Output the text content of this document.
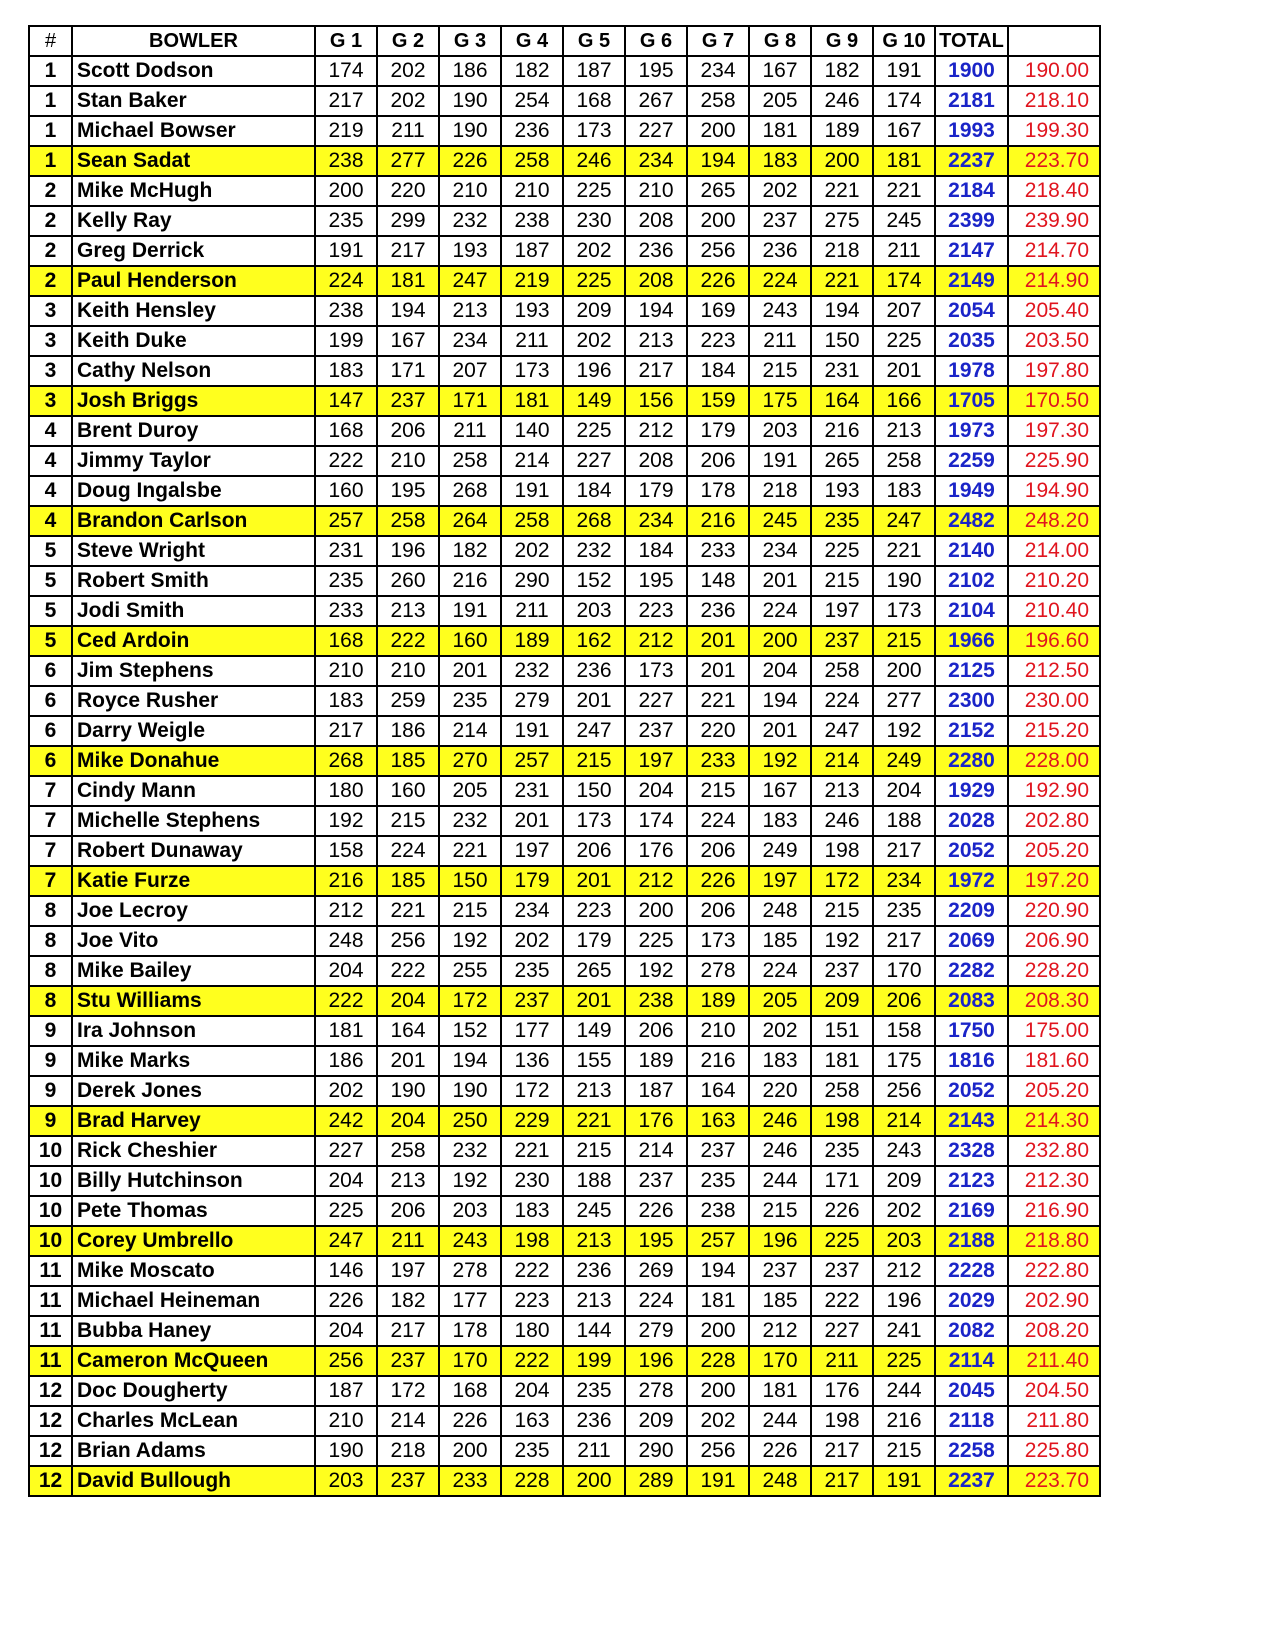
#	BOWLER	G 1	G 2	G 3	G 4	G 5	G 6	G 7	G 8	G 9	G 10	TOTAL	
1	Scott Dodson	174	202	186	182	187	195	234	167	182	191	1900	190.00
1	Stan Baker	217	202	190	254	168	267	258	205	246	174	2181	218.10
1	Michael Bowser	219	211	190	236	173	227	200	181	189	167	1993	199.30
1	Sean Sadat	238	277	226	258	246	234	194	183	200	181	2237	223.70
2	Mike McHugh	200	220	210	210	225	210	265	202	221	221	2184	218.40
2	Kelly Ray	235	299	232	238	230	208	200	237	275	245	2399	239.90
2	Greg Derrick	191	217	193	187	202	236	256	236	218	211	2147	214.70
2	Paul Henderson	224	181	247	219	225	208	226	224	221	174	2149	214.90
3	Keith Hensley	238	194	213	193	209	194	169	243	194	207	2054	205.40
3	Keith Duke	199	167	234	211	202	213	223	211	150	225	2035	203.50
3	Cathy Nelson	183	171	207	173	196	217	184	215	231	201	1978	197.80
3	Josh Briggs	147	237	171	181	149	156	159	175	164	166	1705	170.50
4	Brent Duroy	168	206	211	140	225	212	179	203	216	213	1973	197.30
4	Jimmy Taylor	222	210	258	214	227	208	206	191	265	258	2259	225.90
4	Doug Ingalsbe	160	195	268	191	184	179	178	218	193	183	1949	194.90
4	Brandon Carlson	257	258	264	258	268	234	216	245	235	247	2482	248.20
5	Steve Wright	231	196	182	202	232	184	233	234	225	221	2140	214.00
5	Robert Smith	235	260	216	290	152	195	148	201	215	190	2102	210.20
5	Jodi Smith	233	213	191	211	203	223	236	224	197	173	2104	210.40
5	Ced Ardoin	168	222	160	189	162	212	201	200	237	215	1966	196.60
6	Jim Stephens	210	210	201	232	236	173	201	204	258	200	2125	212.50
6	Royce Rusher	183	259	235	279	201	227	221	194	224	277	2300	230.00
6	Darry Weigle	217	186	214	191	247	237	220	201	247	192	2152	215.20
6	Mike Donahue	268	185	270	257	215	197	233	192	214	249	2280	228.00
7	Cindy Mann	180	160	205	231	150	204	215	167	213	204	1929	192.90
7	Michelle Stephens	192	215	232	201	173	174	224	183	246	188	2028	202.80
7	Robert Dunaway	158	224	221	197	206	176	206	249	198	217	2052	205.20
7	Katie Furze	216	185	150	179	201	212	226	197	172	234	1972	197.20
8	Joe Lecroy	212	221	215	234	223	200	206	248	215	235	2209	220.90
8	Joe Vito	248	256	192	202	179	225	173	185	192	217	2069	206.90
8	Mike Bailey	204	222	255	235	265	192	278	224	237	170	2282	228.20
8	Stu Williams	222	204	172	237	201	238	189	205	209	206	2083	208.30
9	Ira Johnson	181	164	152	177	149	206	210	202	151	158	1750	175.00
9	Mike Marks	186	201	194	136	155	189	216	183	181	175	1816	181.60
9	Derek Jones	202	190	190	172	213	187	164	220	258	256	2052	205.20
9	Brad Harvey	242	204	250	229	221	176	163	246	198	214	2143	214.30
10	Rick Cheshier	227	258	232	221	215	214	237	246	235	243	2328	232.80
10	Billy Hutchinson	204	213	192	230	188	237	235	244	171	209	2123	212.30
10	Pete Thomas	225	206	203	183	245	226	238	215	226	202	2169	216.90
10	Corey Umbrello	247	211	243	198	213	195	257	196	225	203	2188	218.80
11	Mike Moscato	146	197	278	222	236	269	194	237	237	212	2228	222.80
11	Michael Heineman	226	182	177	223	213	224	181	185	222	196	2029	202.90
11	Bubba Haney	204	217	178	180	144	279	200	212	227	241	2082	208.20
11	Cameron McQueen	256	237	170	222	199	196	228	170	211	225	2114	211.40
12	Doc Dougherty	187	172	168	204	235	278	200	181	176	244	2045	204.50
12	Charles McLean	210	214	226	163	236	209	202	244	198	216	2118	211.80
12	Brian Adams	190	218	200	235	211	290	256	226	217	215	2258	225.80
12	David Bullough	203	237	233	228	200	289	191	248	217	191	2237	223.70
